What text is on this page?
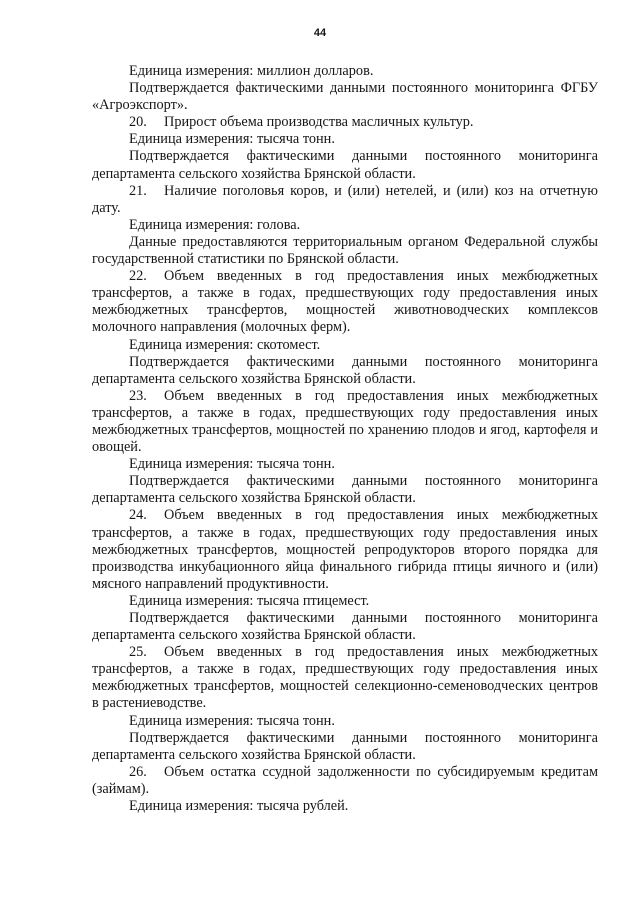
44

Единица измерения: миллион долларов.

Подтверждается фактическими данными постоянного мониторинга ФГБУ «Агроэкспорт».

20. Прирост объема производства масличных культур.

Единица измерения: тысяча тонн.

Подтверждается фактическими данными постоянного мониторинга департамента сельского хозяйства Брянской области.

21. Наличие поголовья коров, и (или) нетелей, и (или) коз на отчетную дату.

Единица измерения: голова.

Данные предоставляются территориальным органом Федеральной службы государственной статистики по Брянской области.

22. Объем введенных в год предоставления иных межбюджетных трансфертов, а также в годах, предшествующих году предоставления иных межбюджетных трансфертов, мощностей животноводческих комплексов молочного направления (молочных ферм).

Единица измерения: скотомест.

Подтверждается фактическими данными постоянного мониторинга департамента сельского хозяйства Брянской области.

23. Объем введенных в год предоставления иных межбюджетных трансфертов, а также в годах, предшествующих году предоставления иных межбюджетных трансфертов, мощностей по хранению плодов и ягод, картофеля и овощей.

Единица измерения: тысяча тонн.

Подтверждается фактическими данными постоянного мониторинга департамента сельского хозяйства Брянской области.

24. Объем введенных в год предоставления иных межбюджетных трансфертов, а также в годах, предшествующих году предоставления иных межбюджетных трансфертов, мощностей репродукторов второго порядка для производства инкубационного яйца финального гибрида птицы яичного и (или) мясного направлений продуктивности.

Единица измерения: тысяча птицемест.

Подтверждается фактическими данными постоянного мониторинга департамента сельского хозяйства Брянской области.

25. Объем введенных в год предоставления иных межбюджетных трансфертов, а также в годах, предшествующих году предоставления иных межбюджетных трансфертов, мощностей селекционно-семеноводческих центров в растениеводстве.

Единица измерения: тысяча тонн.

Подтверждается фактическими данными постоянного мониторинга департамента сельского хозяйства Брянской области.

26. Объем остатка ссудной задолженности по субсидируемым кредитам (займам).

Единица измерения: тысяча рублей.
